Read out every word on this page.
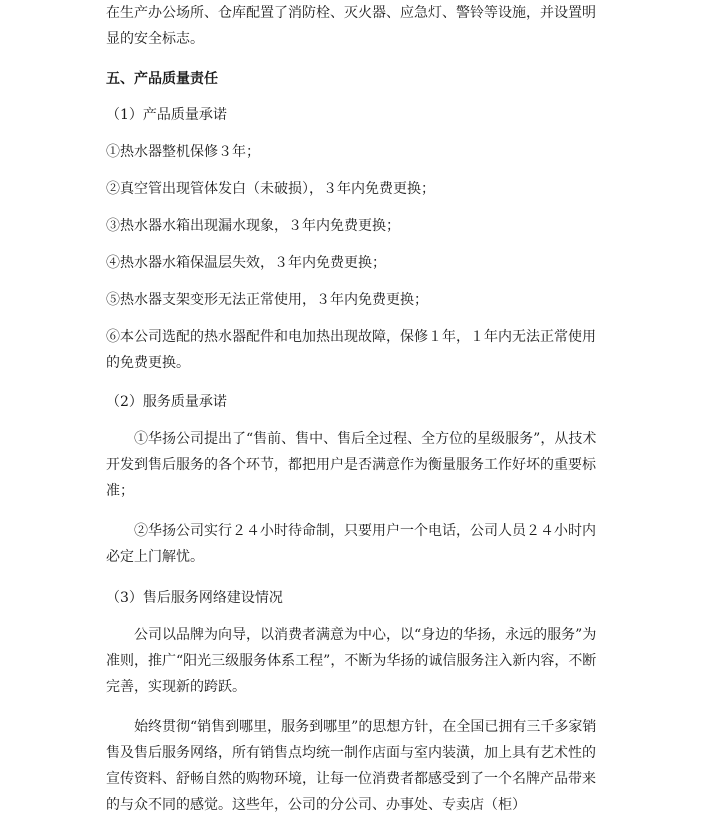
在生产办公场所、仓库配置了消防栓、灭火器、应急灯、警铃等设施，并设置明显的安全标志。

五、产品质量责任

（1）产品质量承诺

①热水器整机保修３年；

②真空管出现管体发白（未破损），３年内免费更换；

③热水器水箱出现漏水现象，３年内免费更换；

④热水器水箱保温层失效，３年内免费更换；

⑤热水器支架变形无法正常使用，３年内免费更换；

⑥本公司选配的热水器配件和电加热出现故障，保修１年，１年内无法正常使用的免费更换。

（2）服务质量承诺

①华扬公司提出了“售前、售中、售后全过程、全方位的星级服务”，从技术开发到售后服务的各个环节，都把用户是否满意作为衡量服务工作好坏的重要标准；

②华扬公司实行２４小时待命制，只要用户一个电话，公司人员２４小时内必定上门解忧。

（3）售后服务网络建设情况

公司以品牌为向导，以消费者满意为中心，以“身边的华扬，永远的服务”为准则，推广“阳光三级服务体系工程”，不断为华扬的诚信服务注入新内容，不断完善，实现新的跨跃。

始终贯彻“销售到哪里，服务到哪里”的思想方针，在全国已拥有三千多家销售及售后服务网络，所有销售点均统一制作店面与室内装潢，加上具有艺术性的宣传资料、舒畅自然的购物环境，让每一位消费者都感受到了一个名牌产品带来的与众不同的感觉。这些年，公司的分公司、办事处、专卖店（柜）
